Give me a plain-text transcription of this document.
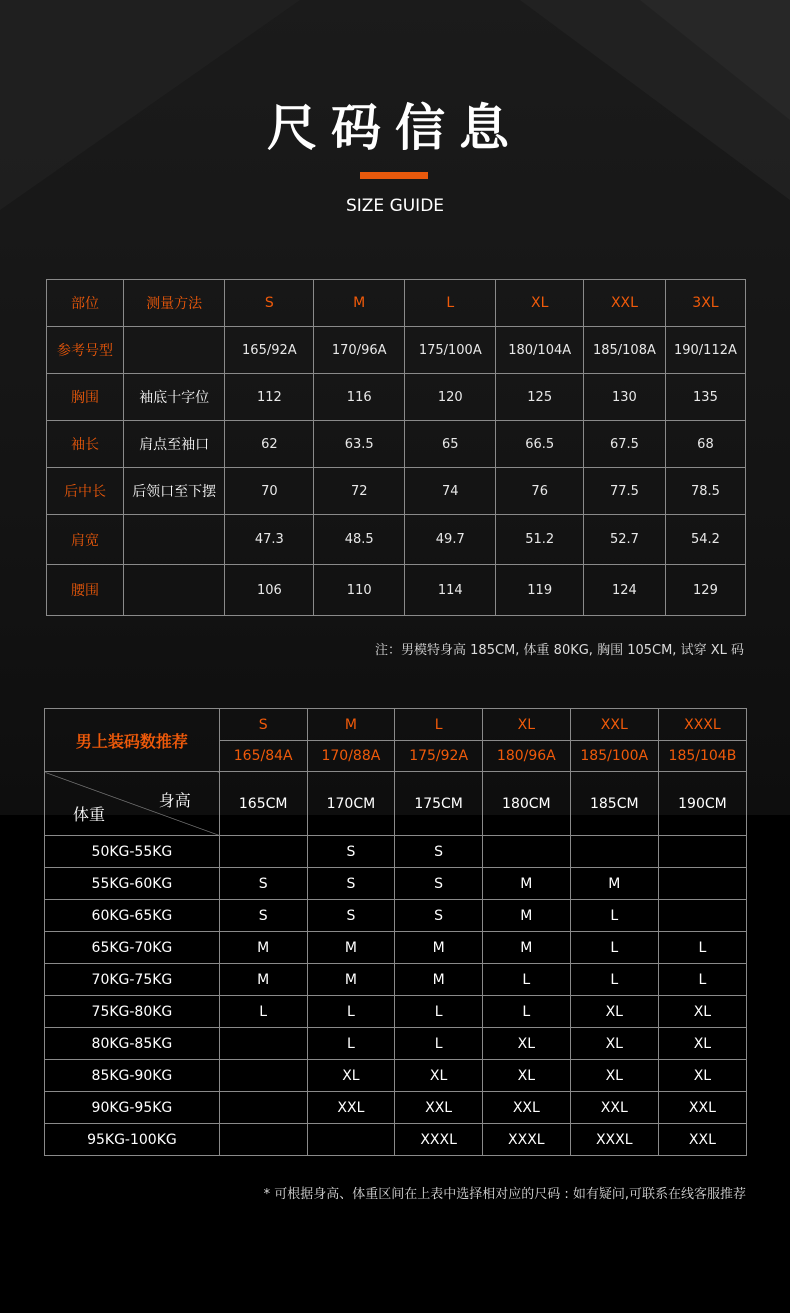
尺码信息
SIZE GUIDE
部位	测量方法	S	M	L	XL	XXL	3XL
参考号型		165/92A	170/96A	175/100A	180/104A	185/108A	190/112A
胸围	袖底十字位	112	116	120	125	130	135
袖长	肩点至袖口	62	63.5	65	66.5	67.5	68
后中长	后领口至下摆	70	72	74	76	77.5	78.5
肩宽		47.3	48.5	49.7	51.2	52.7	54.2
腰围		106	110	114	119	124	129
注：男模特身高 185CM, 体重 80KG, 胸围 105CM, 试穿 XL 码
男上装码数推荐	S	M	L	XL	XXL	XXXL
	165/84A	170/88A	175/92A	180/96A	185/100A	185/104B

身高
体重	165CM	170CM	175CM	180CM	185CM	190CM
50KG-55KG		S	S			
55KG-60KG	S	S	S	M	M	
60KG-65KG	S	S	S	M	L	
65KG-70KG	M	M	M	M	L	L
70KG-75KG	M	M	M	L	L	L
75KG-80KG	L	L	L	L	XL	XL
80KG-85KG		L	L	XL	XL	XL
85KG-90KG		XL	XL	XL	XL	XL
90KG-95KG		XXL	XXL	XXL	XXL	XXL
95KG-100KG			XXXL	XXXL	XXXL	XXL
* 可根据身高、体重区间在上表中选择相对应的尺码 : 如有疑问,可联系在线客服推荐
